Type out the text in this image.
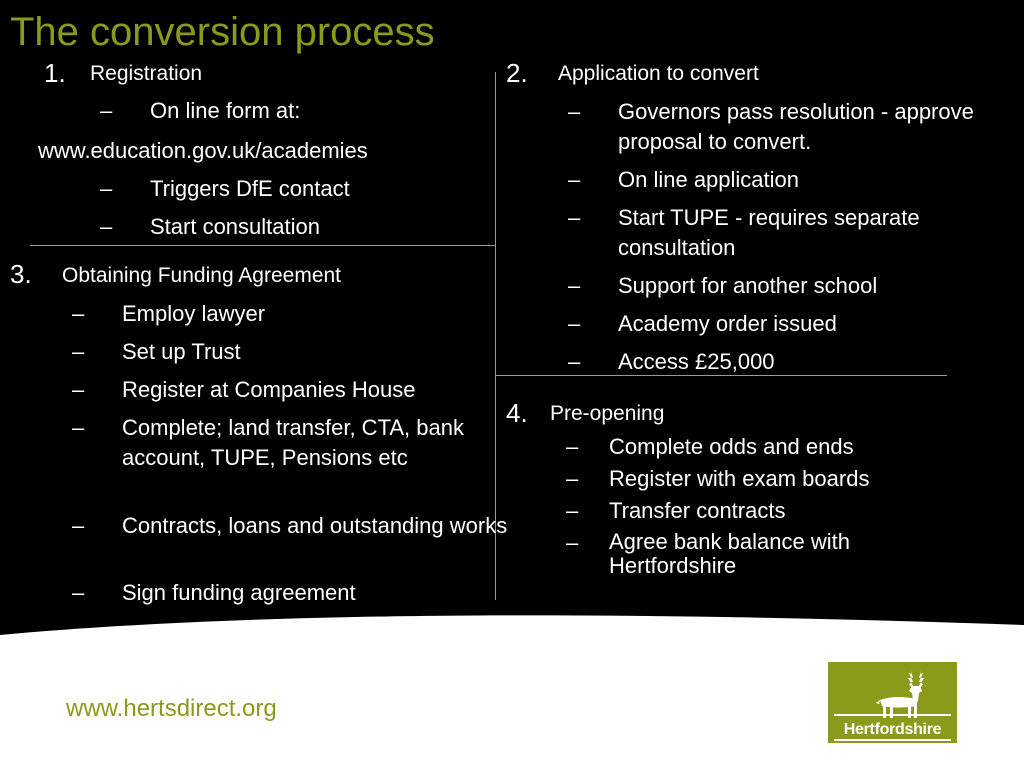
The conversion process
1. Registration
–	On line form at:
www.education.gov.uk/academies
–	Triggers DfE contact
–	Start consultation
3. Obtaining Funding Agreement
–	Employ lawyer
–	Set up Trust
–	Register at Companies House
–	Complete; land transfer, CTA, bank account, TUPE, Pensions etc
–	Contracts, loans and outstanding works
–	Sign funding agreement
2. Application to convert
–	Governors pass resolution - approve proposal to convert.
–	On line application
–	Start TUPE - requires separate consultation
–	Support for another school
–	Academy order issued
–	Access £25,000
4. Pre-opening
–	Complete odds and ends
–	Register with exam boards
–	Transfer contracts
–	Agree bank balance with Hertfordshire
www.hertsdirect.org
Hertfordshire
